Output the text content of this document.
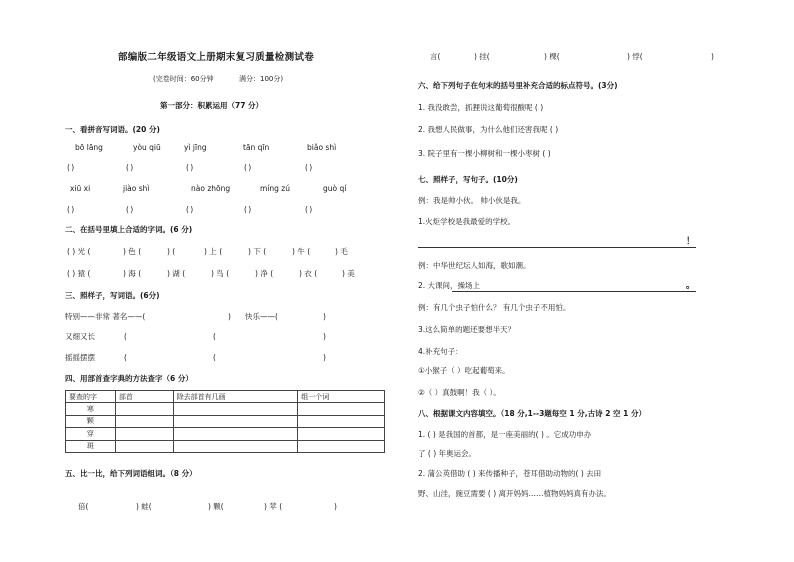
部编版二年级语文上册期末复习质量检测试卷
(完卷时间：60分钟	满分：100分)
第一部分：积累运用（77 分）
一、看拼音写词语。(20 分)
bō lāng	yòu qiū	yì jīng	tān qīn	biǎo shì
( )	( )	( )	( )	( )
xiū xi	jiào shì	nào zhōng	míng zú	guò qí
( )	( )	( )	( )	( )
二、在括号里填上合适的字词。(6 分)
( ) 光 (	) 色 (	) (	) 上 (	) 下 (	) 牛 (	) 毛
( ) 猿 (	) 海 (	) 湖 (	) 鸟 (	) 净 (	) 衣 (	) 美
三、照样子，写词语。(6分)
特别——非常 著名——(	) 快乐——(	)
又细又长	(	(	)
摇摇摆摆	(	(	)
四、用部首查字典的方法查字（6 分）
要查的字	部首	除去部首有几画	组一个词
寒			
颗			
穿			
斑			
五、比一比，给下列词语组词。（8 分）
倍(	) 蛙(	) 颗(	) 苹 (	)
言(	) 挂(	) 棵(	) 悖(	)
六、给下列句子在句末的括号里补充合适的标点符号。(3分)
1. 我没敢尝，抓狸说这葡萄很酸呢 ( )
2. 我想人民做事，为什么他们还害我呢 ( )
3. 院子里有一棵小柳树和一棵小枣树 ( )
七、照样子，写句子。(10分)
例：我是帅小伙。 帅小伙是我。
1.火炬学校是我最爱的学校。
！
例：中华世纪坛人如海，歌如潮。
2. 大课间，操场上	。
例：有几个虫子怕什么？ 有几个虫子不用怕。
3.这么简单的题还要想半天？
4.补充句子：
①小猴子（ ）吃起葡萄来。
②（ ）真鼓啊！我（ ）。
八、根据课文内容填空。（18 分,1--3题每空 1 分,古诗 2 空 1 分）
1. ( ) 是我国的首都，是一座美丽的( ) 。它成功申办
了 ( ) 年奥运会。
2. 蒲公英借助 ( ) 来传播种子，苍耳借助动物的( ) 去田
野、山洼，豌豆需要 ( ) 离开妈妈……植物妈妈真有办法。
